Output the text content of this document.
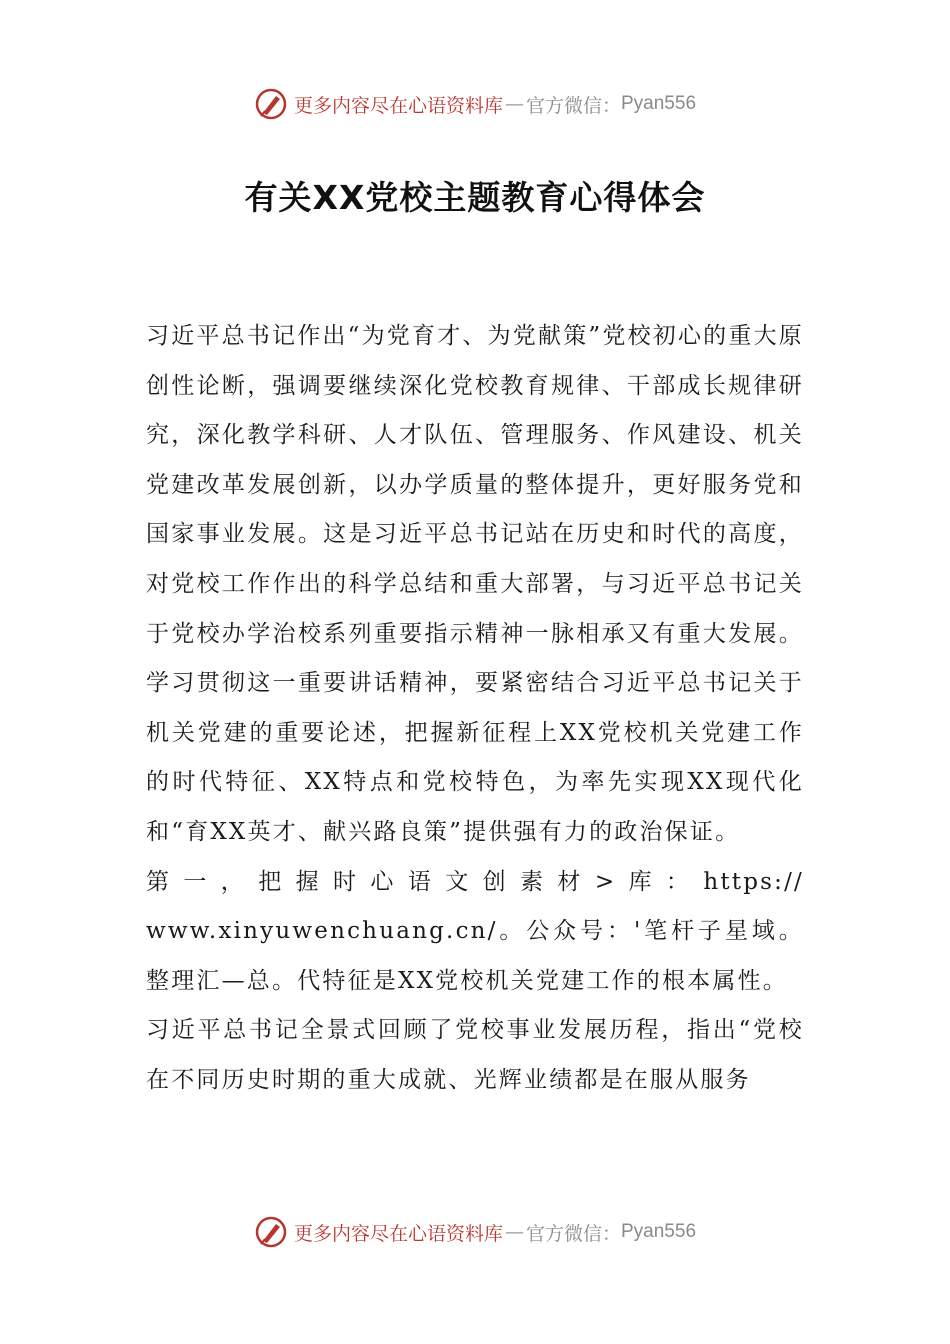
更多内容尽在心语资料库 — 官方微信： Pyan556
有关XX党校主题教育心得体会

习近平总书记作出“为党育才、为党献策”党校初心的重大原创性论断，强调要继续深化党校教育规律、干部成长规律研究，深化教学科研、人才队伍、管理服务、作风建设、机关党建改革发展创新，以办学质量的整体提升，更好服务党和国家事业发展。这是习近平总书记站在历史和时代的高度，对党校工作作出的科学总结和重大部署，与习近平总书记关于党校办学治校系列重要指示精神一脉相承又有重大发展。学习贯彻这一重要讲话精神，要紧密结合习近平总书记关于机关党建的重要论述，把握新征程上XX党校机关党建工作的时代特征、XX特点和党校特色，为率先实现XX现代化和“育XX英才、献兴路良策”提供强有力的政治保证。

第一，把握时心语文创素材>库：https://
www.xinyuwenchuang.cn/。公众号：'笔杆子星域。整理汇—总。代特征是XX党校机关党建工作的根本属性。

习近平总书记全景式回顾了党校事业发展历程，指出“党校在不同历史时期的重大成就、光辉业绩都是在服从服务

更多内容尽在心语资料库 — 官方微信： Pyan556
